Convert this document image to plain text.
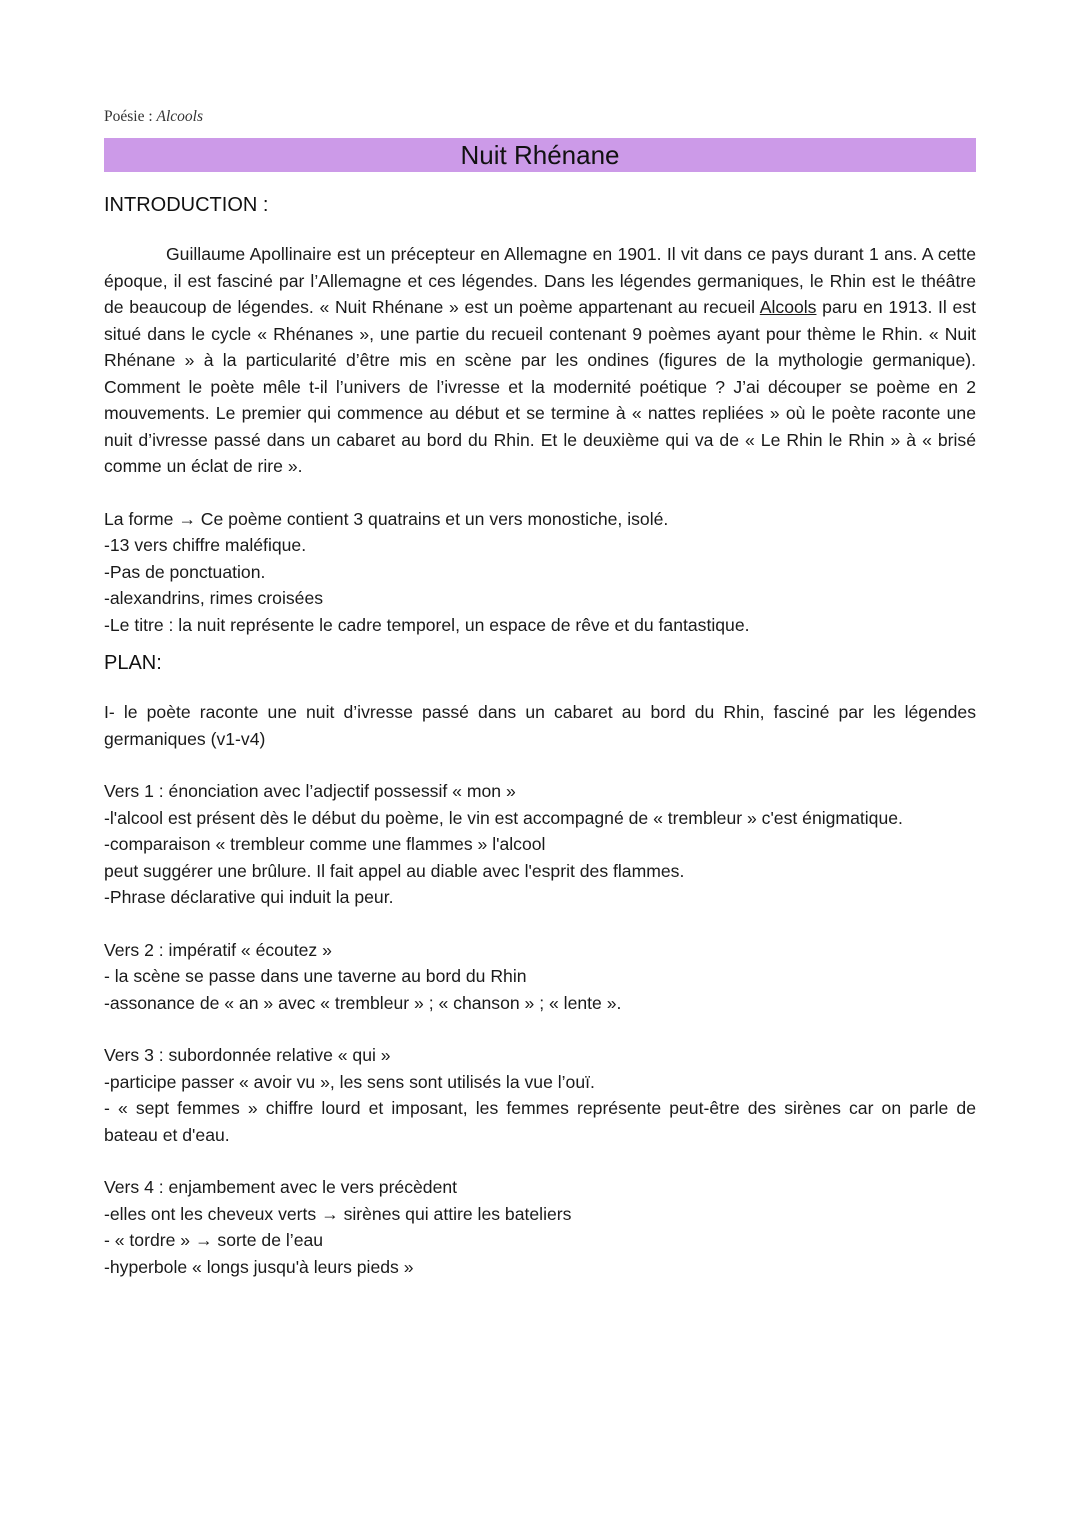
Poésie : Alcools
Nuit Rhénane
INTRODUCTION :

Guillaume Apollinaire est un précepteur en Allemagne en 1901. Il vit dans ce pays durant 1 ans. A cette époque, il est fasciné par l’Allemagne et ces légendes. Dans les légendes germaniques, le Rhin est le théâtre de beaucoup de légendes. « Nuit Rhénane » est un poème appartenant au recueil Alcools paru en 1913. Il est situé dans le cycle « Rhénanes », une partie du recueil contenant 9 poèmes ayant pour thème le Rhin. « Nuit Rhénane » à la particularité d’être mis en scène par les ondines (figures de la mythologie germanique). Comment le poète mêle t-il l’univers de l’ivresse et la modernité poétique ? J’ai découper se poème en 2 mouvements. Le premier qui commence au début et se termine à « nattes repliées » où le poète raconte une nuit d’ivresse passé dans un cabaret au bord du Rhin. Et le deuxième qui va de « Le Rhin le Rhin » à « brisé comme un éclat de rire ».

La forme → Ce poème contient 3 quatrains et un vers monostiche, isolé.
-13 vers chiffre maléfique.
-Pas de ponctuation.
-alexandrins, rimes croisées
-Le titre : la nuit représente le cadre temporel, un espace de rêve et du fantastique.
PLAN:

I- le poète raconte une nuit d’ivresse passé dans un cabaret au bord du Rhin, fasciné par les légendes germaniques (v1-v4)

Vers 1 : énonciation avec l’adjectif possessif « mon »

-l'alcool est présent dès le début du poème, le vin est accompagné de « trembleur » c'est énigmatique.

-comparaison « trembleur comme une flammes » l'alcool
peut suggérer une brûlure. Il fait appel au diable avec l'esprit des flammes.
-Phrase déclarative qui induit la peur.
Vers 2 : impératif « écoutez »
- la scène se passe dans une taverne au bord du Rhin
-assonance de « an » avec « trembleur » ; « chanson » ; « lente ».
Vers 3 : subordonnée relative « qui »
-participe passer « avoir vu », les sens sont utilisés la vue l’ouï.

- « sept femmes » chiffre lourd et imposant, les femmes représente peut-être des sirènes car on parle de bateau et d'eau.

Vers 4 : enjambement avec le vers précèdent
-elles ont les cheveux verts → sirènes qui attire les bateliers
- « tordre » → sorte de l’eau
-hyperbole « longs jusqu'à leurs pieds »
